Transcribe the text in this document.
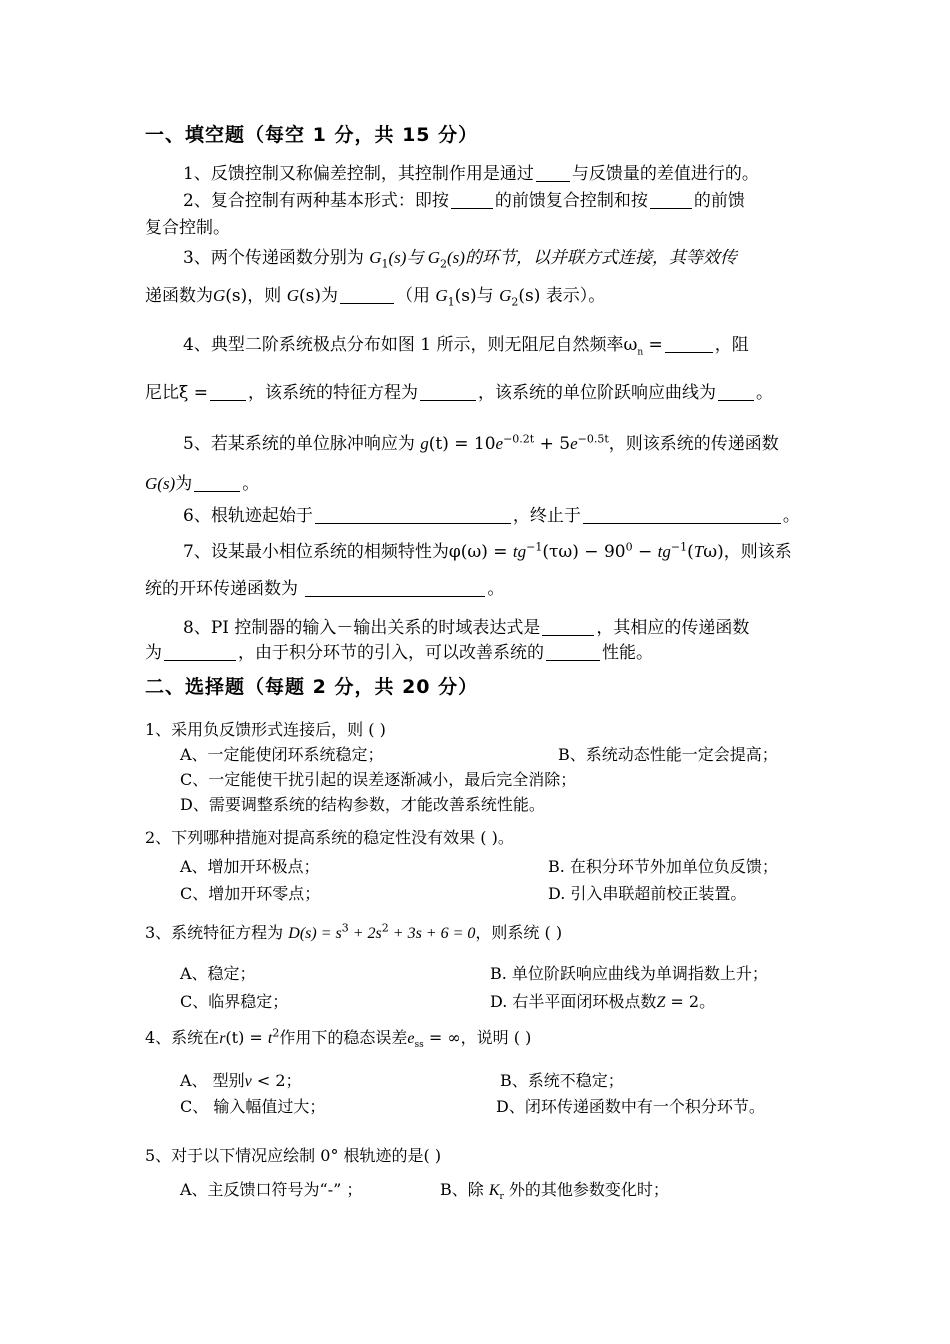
一、填空题（每空 1 分，共 15 分）
1、反馈控制又称偏差控制，其控制作用是通过 与反馈量的差值进行的。
2、复合控制有两种基本形式：即按	的前馈复合控制和按	的前馈
复合控制。
3、两个传递函数分别为 $G_1(s)$与 $G_2(s)$的环节，以并联方式连接，其等效传
递函数为G(s)，则 G(s)为	（用 $G_1(s)$与 $G_2(s)$ 表示）。
4、典型二阶系统极点分布如图 1 所示，则无阻尼自然频率$\omega_n$ =	，阻
尼比ξ = ，该系统的特征方程为	，该系统的单位阶跃响应曲线为 。
5、若某系统的单位脉冲响应为 $g(t) = 10e^{-0.2t} + 5e^{-0.5t}$，则该系统的传递函数
G(s)为	。
6、根轨迹起始于	，终止于	。
7、设某最小相位系统的相频特性为$\varphi(\omega) = tg^{-1}(\tau\omega) - 90^0 - tg^{-1}(T\omega)$，则该系
统的开环传递函数为	。
8、PI 控制器的输入－输出关系的时域表达式是	，其相应的传递函数
为	，由于积分环节的引入，可以改善系统的	性能。
二、选择题（每题 2 分，共 20 分）
1、采用负反馈形式连接后，则 ( )
A、一定能使闭环系统稳定；	B、系统动态性能一定会提高；
C、一定能使干扰引起的误差逐渐减小，最后完全消除；
D、需要调整系统的结构参数，才能改善系统性能。
2、下列哪种措施对提高系统的稳定性没有效果 ( )。
A、增加开环极点；	B. 在积分环节外加单位负反馈；
C、增加开环零点；	D. 引入串联超前校正装置。
3、系统特征方程为 $D(s) = s^3 + 2s^2 + 3s + 6 = 0$，则系统 ( )
A、稳定；	B. 单位阶跃响应曲线为单调指数上升；
C、临界稳定；	D. 右半平面闭环极点数Z = 2。
4、系统在$r(t) = t^2$作用下的稳态误差$e_{ss}$ = ∞，说明 ( )
A、 型别v < 2；	B、系统不稳定；
C、 输入幅值过大；	D、闭环传递函数中有一个积分环节。
5、对于以下情况应绘制 0° 根轨迹的是( )
A、主反馈口符号为“-” ；	B、除 $K_r$ 外的其他参数变化时；
